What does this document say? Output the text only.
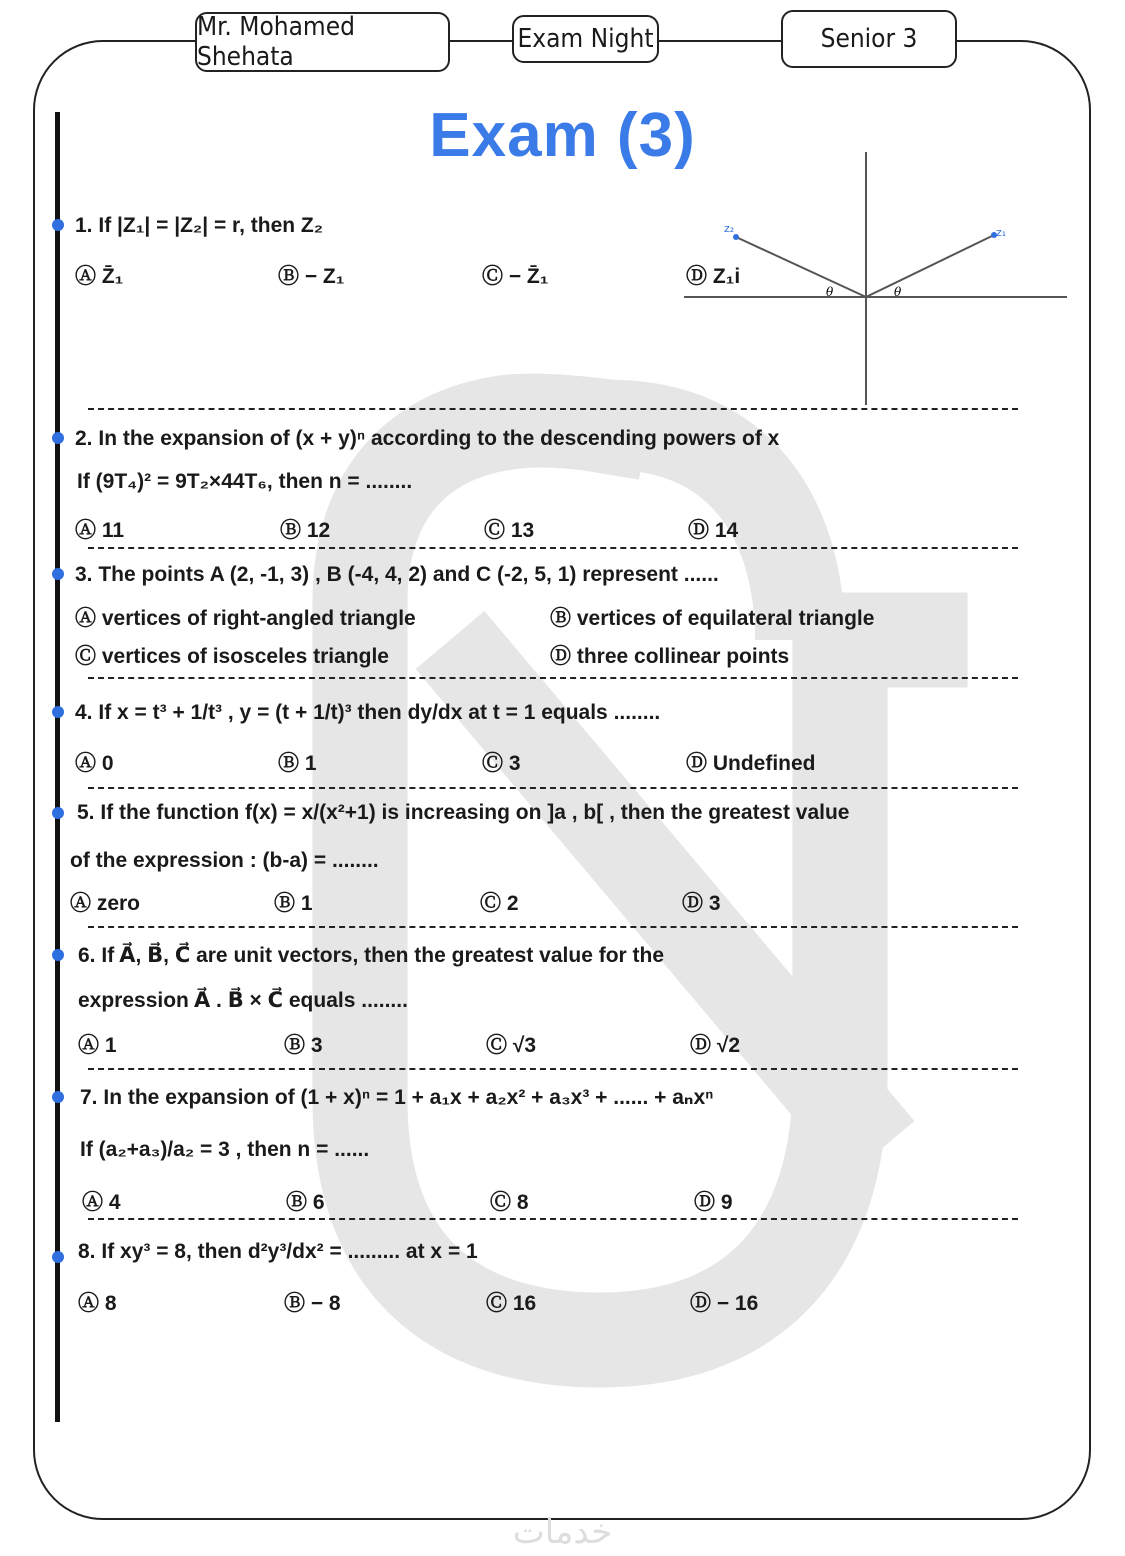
Mr. Mohamed Shehata
Exam Night	Senior 3
Exam (3)
z₂	z₁
θ	θ
1. If |Z₁| = |Z₂| = r, then Z₂
Ⓐ Z̄₁	Ⓑ − Z₁	Ⓒ − Z̄₁	Ⓓ Z₁i
2. In the expansion of (x + y)ⁿ according to the descending powers of x
If (9T₄)² = 9T₂×44T₆, then n = ........
Ⓐ 11	Ⓑ 12	Ⓒ 13	Ⓓ 14
3. The points A (2, -1, 3) , B (-4, 4, 2) and C (-2, 5, 1) represent ......
Ⓐ vertices of right-angled triangle	Ⓑ vertices of equilateral triangle
Ⓒ vertices of isosceles triangle	Ⓓ three collinear points
4. If x = t³ + 1/t³ , y = (t + 1/t)³ then dy/dx at t = 1 equals ........
Ⓐ 0	Ⓑ 1	Ⓒ 3	Ⓓ Undefined
5. If the function f(x) = x/(x²+1) is increasing on ]a , b[ , then the greatest value
of the expression : (b-a) = ........
Ⓐ zero	Ⓑ 1	Ⓒ 2	Ⓓ 3
6. If A⃗, B⃗, C⃗ are unit vectors, then the greatest value for the
expression A⃗ . B⃗ × C⃗ equals ........
Ⓐ 1	Ⓑ 3	Ⓒ √3	Ⓓ √2
7. In the expansion of (1 + x)ⁿ = 1 + a₁x + a₂x² + a₃x³ + ...... + aₙxⁿ
If (a₂+a₃)/a₂ = 3 , then n = ......
Ⓐ 4	Ⓑ 6	Ⓒ 8	Ⓓ 9
8. If xy³ = 8, then d²y³/dx² = ......... at x = 1
Ⓐ 8	Ⓑ − 8	Ⓒ 16	Ⓓ − 16
خدمات
